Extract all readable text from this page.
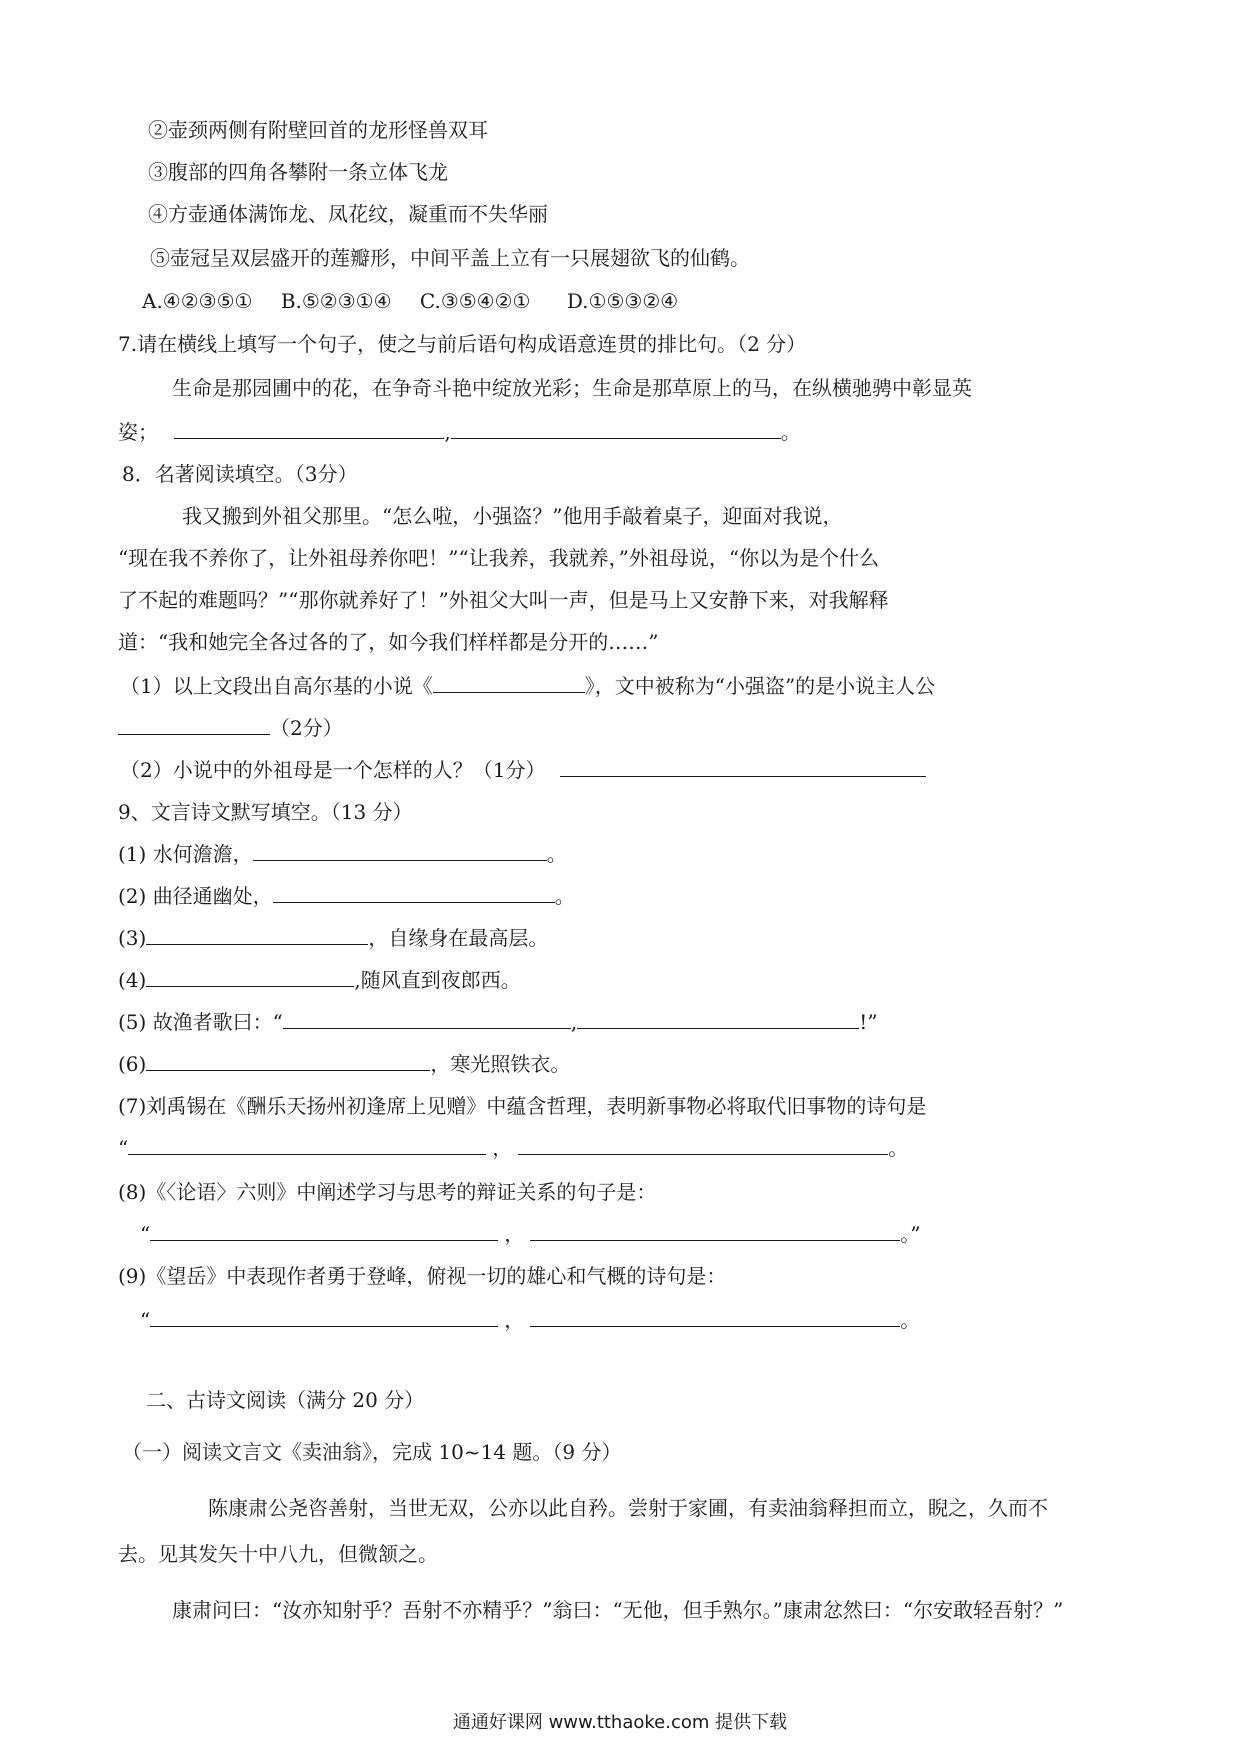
②壶颈两侧有附壁回首的龙形怪兽双耳
③腹部的四角各攀附一条立体飞龙
④方壶通体满饰龙、凤花纹，凝重而不失华丽
⑤壶冠呈双层盛开的莲瓣形，中间平盖上立有一只展翅欲飞的仙鹤。
A.④②③⑤① B.⑤②③①④ C.③⑤④②① D.①⑤③②④
7.请在横线上填写一个句子，使之与前后语句构成语意连贯的排比句。（2 分）
生命是那园圃中的花，在争奇斗艳中绽放光彩；生命是那草原上的马，在纵横驰骋中彰显英
姿；	,	。
8．名著阅读填空。（3分）
我又搬到外祖父那里。“怎么啦，小强盗？”他用手敲着桌子，迎面对我说，
“现在我不养你了，让外祖母养你吧！”“让我养，我就养，”外祖母说，“你以为是个什么
了不起的难题吗？”“那你就养好了！”外祖父大叫一声，但是马上又安静下来，对我解释
道：“我和她完全各过各的了，如今我们样样都是分开的……”
（1）以上文段出自高尔基的小说《	》，文中被称为“小强盗”的是小说主人公
（2分）
（2）小说中的外祖母是一个怎样的人？（1分）
9、文言诗文默写填空。（13 分）
(1) 水何澹澹，	。
(2) 曲径通幽处，	。
(3)	，自缘身在最高层。
(4)	,随风直到夜郎西。
(5) 故渔者歌曰：“	,	!”
(6)	，寒光照铁衣。
(7)刘禹锡在《酬乐天扬州初逢席上见赠》中蕴含哲理，表明新事物必将取代旧事物的诗句是
“	，	。
(8)《〈论语〉六则》中阐述学习与思考的辩证关系的句子是：
“	，	。”
(9)《望岳》中表现作者勇于登峰，俯视一切的雄心和气概的诗句是：
“	，	。
二、古诗文阅读（满分 20 分）
（一）阅读文言文《卖油翁》，完成 10~14 题。（9 分）
陈康肃公尧咨善射，当世无双，公亦以此自矜。尝射于家圃，有卖油翁释担而立，睨之，久而不
去。见其发矢十中八九，但微颔之。
康肃问曰：“汝亦知射乎？吾射不亦精乎？”翁曰：“无他，但手熟尔。”康肃忿然曰：“尔安敢轻吾射？”
通通好课网 www.tthaoke.com 提供下载
